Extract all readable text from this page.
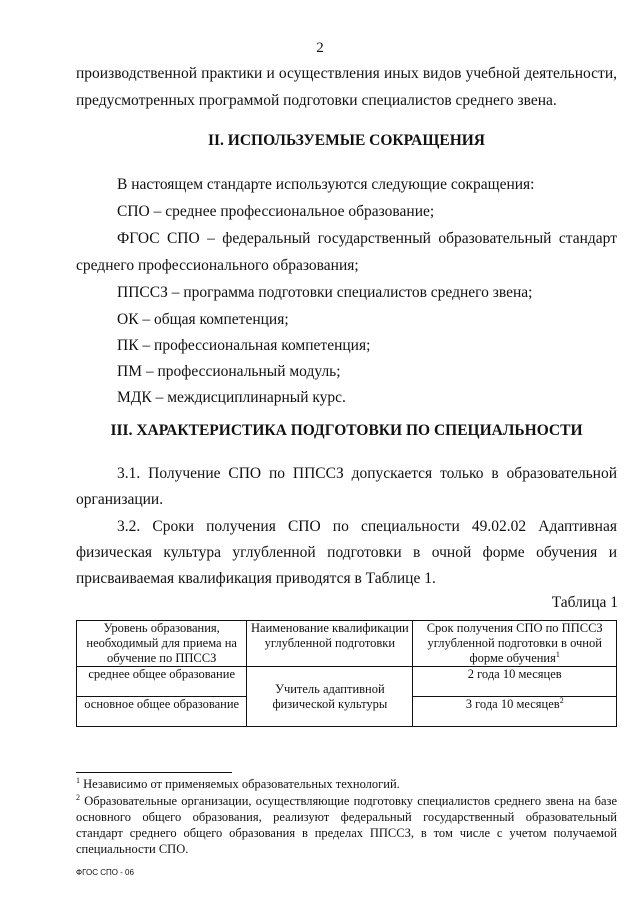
2

производственной практики и осуществления иных видов учебной деятельности,

предусмотренных программой подготовки специалистов среднего звена.

II. ИСПОЛЬЗУЕМЫЕ СОКРАЩЕНИЯ

В настоящем стандарте используются следующие сокращения:

СПО – среднее профессиональное образование;

ФГОС СПО – федеральный государственный образовательный стандарт

среднего профессионального образования;

ППССЗ – программа подготовки специалистов среднего звена;

ОК – общая компетенция;

ПК – профессиональная компетенция;

ПМ – профессиональный модуль;

МДК – междисциплинарный курс.

III. ХАРАКТЕРИСТИКА ПОДГОТОВКИ ПО СПЕЦИАЛЬНОСТИ

3.1. Получение СПО по ППССЗ допускается только в образовательной

организации.

3.2. Сроки получения СПО по специальности 49.02.02 Адаптивная

физическая культура углубленной подготовки в очной форме обучения и

присваиваемая квалификация приводятся в Таблице 1.

Таблица 1
Уровень образования, необходимый для приема на обучение по ППССЗ	Наименование квалификации углубленной подготовки	Срок получения СПО по ППССЗ углубленной подготовки в очной форме обучения$^1$
среднее общее образование	Учитель адаптивной физической культуры	2 года 10 месяцев
основное общее образование		3 года 10 месяцев$^2$

$^1$ Независимо от применяемых образовательных технологий.

$^2$ Образовательные организации, осуществляющие подготовку специалистов среднего звена на базе основного общего образования, реализуют федеральный государственный образовательный стандарт среднего общего образования в пределах ППССЗ, в том числе с учетом получаемой специальности СПО.

ФГОС СПО - 06
